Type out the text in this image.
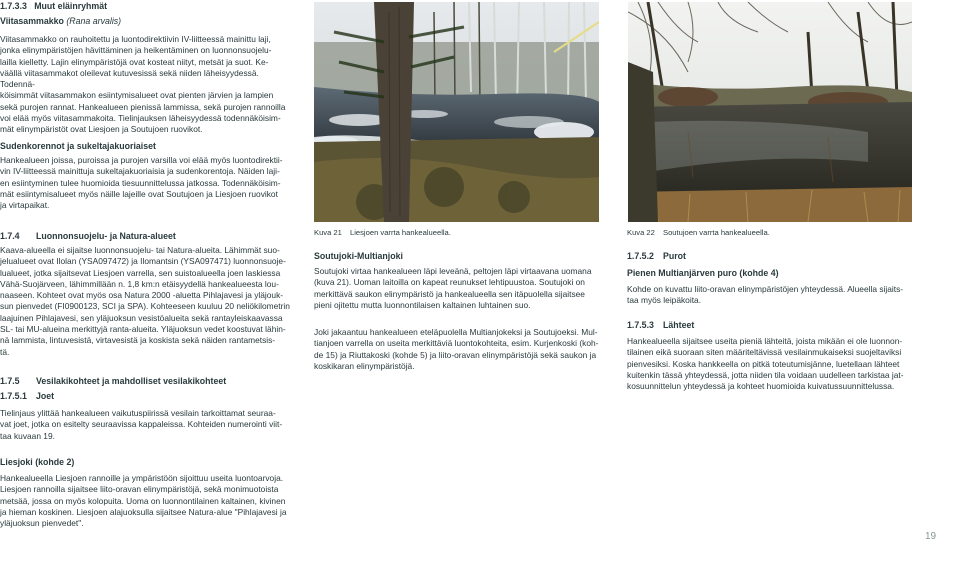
1.7.3.3   Muut eläinryhmät
Viitasammakko (Rana arvalis)
Viitasammakko on rauhoitettu ja luontodirektiivin IV-liitteessä mainittu laji,
jonka elinympäristöjen hävittäminen ja heikentäminen on luonnonsuojelu-
lailla kielletty. Lajin elinympäristöjä ovat kosteat niityt, metsät ja suot. Ke-
väällä viitasammakot oleilevat kutuvesissä sekä niiden läheisyydessä. Todennä-
köisimmät viitasammakon esiintymisalueet ovat pienten järvien ja lampien
sekä purojen rannat. Hankealueen pienissä lammissa, sekä purojen rannoilla
voi elää myös viitasammakoita. Tielinjauksen läheisyydessä todennäköisim-
mät elinympäristöt ovat Liesjoen ja Soutujoen ruovikot.
Sudenkorennot ja sukeltajakuoriaiset
Hankealueen joissa, puroissa ja purojen varsilla voi elää myös luontodirektii-
vin IV-liitteessä mainittuja sukeltajakuoriaisia ja sudenkorentoja. Näiden laji-
en esiintyminen tulee huomioida tiesuunnittelussa jatkossa. Todennäköisim-
mät esiintymisalueet myös näille lajeille ovat Soutujoen ja Liesjoen ruovikot
ja virtapaikat.
1.7.4 Luonnonsuojelu- ja Natura-alueet
Kaava-alueella ei sijaitse luonnonsuojelu- tai Natura-alueita. Lähimmät suo-
jelualueet ovat Ilolan (YSA097472) ja Ilomantsin (YSA097471) luonnonsuoje-
lualueet, jotka sijaitsevat Liesjoen varrella, sen suistoalueella joen laskiessa
Vähä-Suojärveen, lähimmillään n. 1,8 km:n etäisyydellä hankealueesta lou-
naaseen. Kohteet ovat myös osa Natura 2000 -aluetta Pihlajavesi ja yläjouk-
sun pienvedet (FI0900123, SCI ja SPA). Kohteeseen kuuluu 20 neliökilometrin
laajuinen Pihlajavesi, sen yläjuoksun vesistöalueita sekä rantayleiskaavassa
SL- tai MU-alueina merkittyjä ranta-alueita. Yläjuoksun vedet koostuvat lähin-
nä lammista, lintuvesistä, virtavesistä ja koskista sekä näiden rantametsis-
tä.
1.7.5 Vesilakikohteet ja mahdolliset vesilakikohteet
1.7.5.1 Joet
Tielinjaus ylittää hankealueen vaikutuspiirissä vesilain tarkoittamat seuraa-
vat joet, jotka on esitelty seuraavissa kappaleissa. Kohteiden numerointi viit-
taa kuvaan 19.
Liesjoki (kohde 2)
Hankealueella Liesjoen rannoille ja ympäristöön sijoittuu useita luontoarvoja.
Liesjoen rannoilla sijaitsee liito-oravan elinympäristöjä, sekä monimuotoista
metsää, jossa on myös kolopuita. Uoma on luonnontilainen kaltainen, kivinen
ja hieman koskinen. Liesjoen alajuoksulla sijaitsee Natura-alue "Pihlajavesi ja
yläjuoksun pienvedet".
Kuva 21 Liesjoen varrta hankealueella.
Soutujoki-Multianjoki
Soutujoki virtaa hankealueen läpi leveänä, peltojen läpi virtaavana uomana
(kuva 21). Uoman laitoilla on kapeat reunukset lehtipuustoa. Soutujoki on
merkittävä saukon elinympäristö ja hankealueella sen itäpuolella sijaitsee
pieni ojitettu mutta luonnontilaisen kaltainen luhtainen suo.
Joki jakaantuu hankealueen eteläpuolella Multianjokeksi ja Soutujoeksi. Mul-
tianjoen varrella on useita merkittäviä luontokohteita, esim. Kurjenkoski (koh-
de 15) ja Riuttakoski (kohde 5) ja liito-oravan elinympäristöjä sekä saukon ja
koskikaran elinympäristöjä.
Kuva 22 Soutujoen varrta hankealueella.
1.7.5.2 Purot
Pienen Multianjärven puro (kohde 4)
Kohde on kuvattu liito-oravan elinympäristöjen yhteydessä. Alueella sijaits-
taa myös leipäkoita.
1.7.5.3 Lähteet
Hankealueella sijaitsee useita pieniä lähteitä, joista mikään ei ole luonnon-
tilainen eikä suoraan siten määriteltävissä vesilainmukaiseksi suojeltaviksi
pienvesiksi. Koska hankkeella on pitkä toteutumisjänne, luetellaan lähteet
kuitenkin tässä yhteydessä, jotta niiden tila voidaan uudelleen tarkistaa jat-
kosuunnittelun yhteydessä ja kohteet huomioida kuivatussuunnittelussa.
19
